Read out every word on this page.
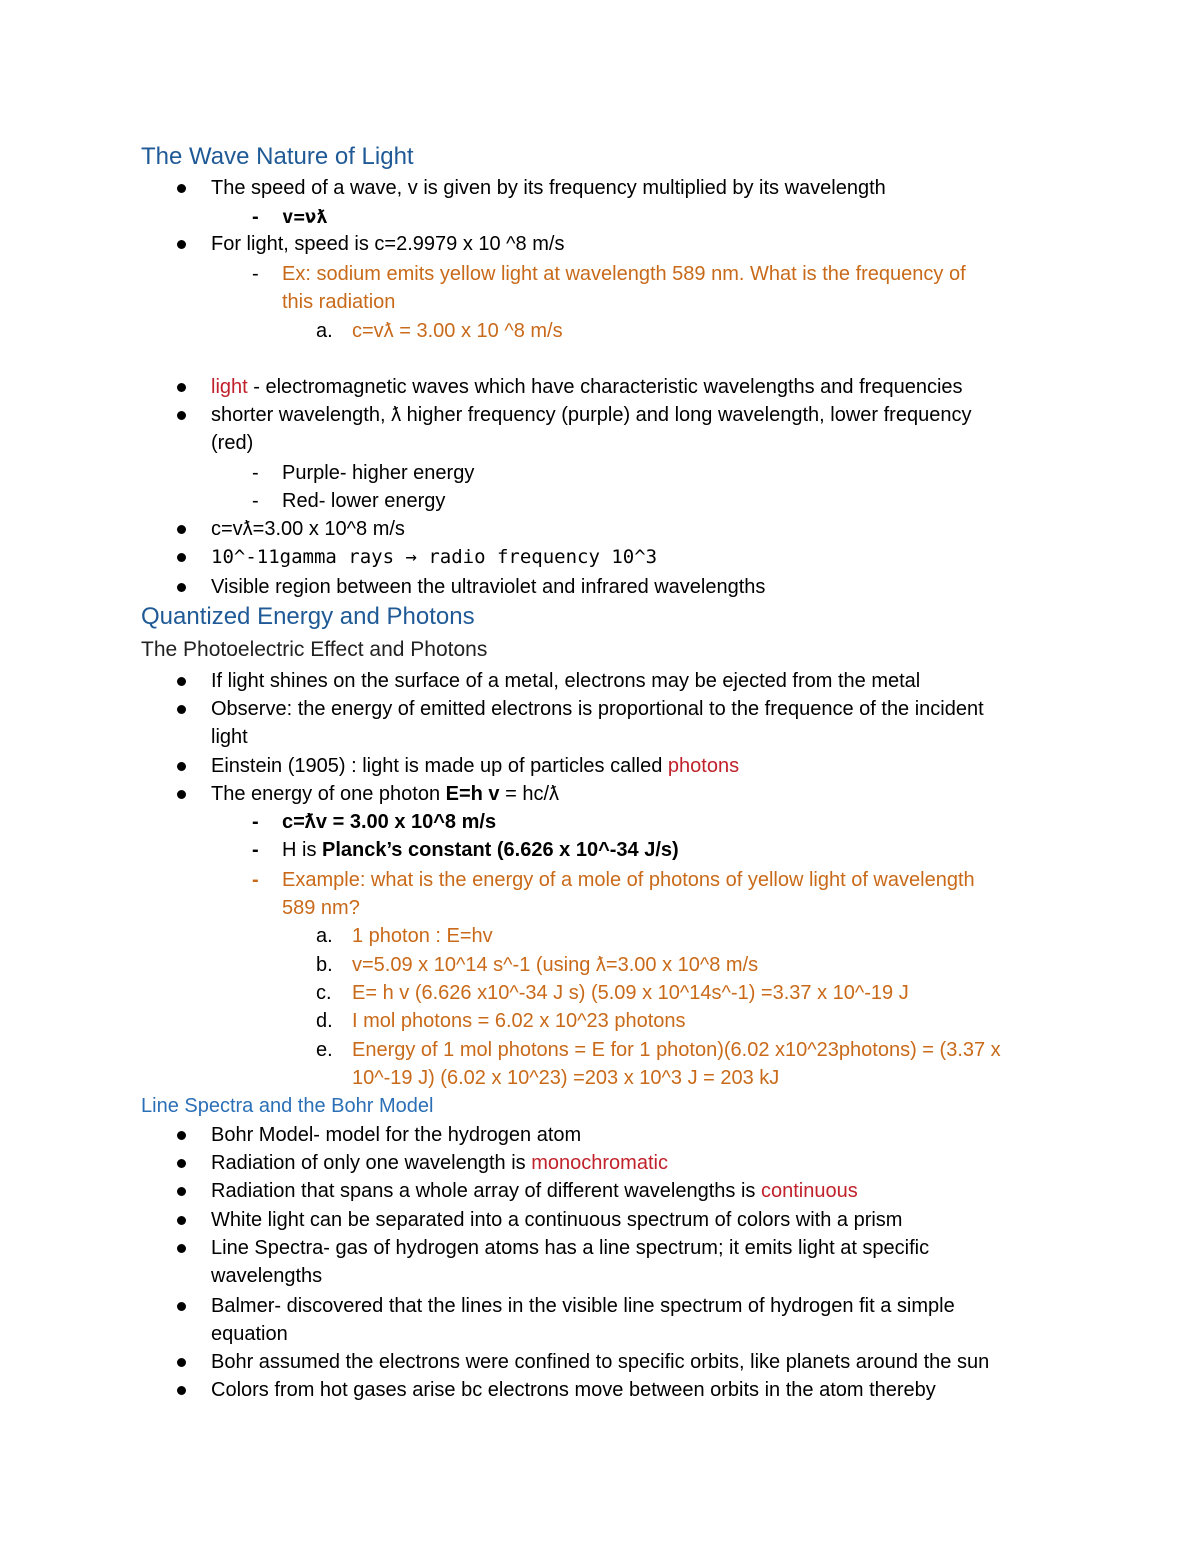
The Wave Nature of Light
The speed of a wave, v is given by its frequency multiplied by its wavelength
- v=νƛ
For light, speed is c=2.9979 x 10 ^8 m/s
- Ex: sodium emits yellow light at wavelength 589 nm. What is the frequency of
this radiation
a. c=vƛ = 3.00 x 10 ^8 m/s
light - electromagnetic waves which have characteristic wavelengths and frequencies
shorter wavelength, ƛ higher frequency (purple) and long wavelength, lower frequency
(red)
- Purple- higher energy
- Red- lower energy
c=vƛ=3.00 x 10^8 m/s
10^-11gamma rays → radio frequency 10^3
Visible region between the ultraviolet and infrared wavelengths
Quantized Energy and Photons
The Photoelectric Effect and Photons
If light shines on the surface of a metal, electrons may be ejected from the metal
Observe: the energy of emitted electrons is proportional to the frequence of the incident
light
Einstein (1905) : light is made up of particles called photons
The energy of one photon E=h v = hc/ƛ
- c=ƛv = 3.00 x 10^8 m/s
- H is Planck’s constant (6.626 x 10^-34 J/s)
- Example: what is the energy of a mole of photons of yellow light of wavelength
589 nm?
a. 1 photon : E=hv
b. v=5.09 x 10^14 s^-1 (using ƛ=3.00 x 10^8 m/s
c. E= h v (6.626 x10^-34 J s) (5.09 x 10^14s^-1) =3.37 x 10^-19 J
d. I mol photons = 6.02 x 10^23 photons
e. Energy of 1 mol photons = E for 1 photon)(6.02 x10^23photons) = (3.37 x
10^-19 J) (6.02 x 10^23) =203 x 10^3 J = 203 kJ
Line Spectra and the Bohr Model
Bohr Model- model for the hydrogen atom
Radiation of only one wavelength is monochromatic
Radiation that spans a whole array of different wavelengths is continuous
White light can be separated into a continuous spectrum of colors with a prism
Line Spectra- gas of hydrogen atoms has a line spectrum; it emits light at specific
wavelengths
Balmer- discovered that the lines in the visible line spectrum of hydrogen fit a simple
equation
Bohr assumed the electrons were confined to specific orbits, like planets around the sun
Colors from hot gases arise bc electrons move between orbits in the atom thereby
